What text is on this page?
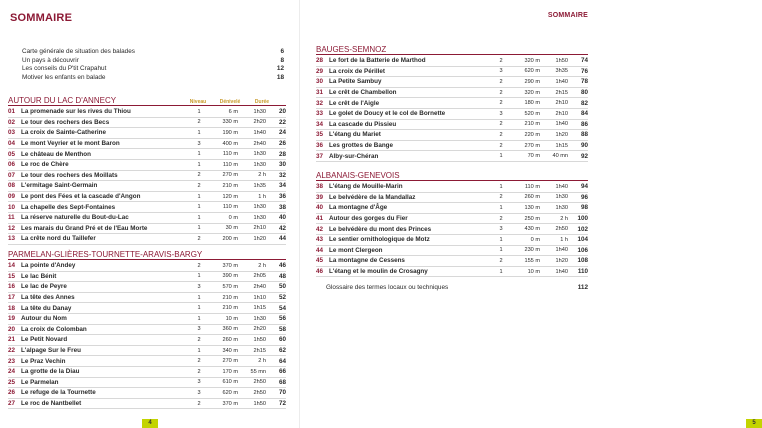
SOMMAIRE
Carte générale de situation des balades	6
Un pays à découvrir	8
Les conseils du P'tit Crapahut	12
Motiver les enfants en balade	18
AUTOUR DU LAC D'ANNECY	Niveau	Dénivelé	Durée
01 La promenade sur les rives du Thiou	1	6 m	1h30	20
02 Le tour des rochers des Becs	2	330 m	2h20	22
03 La croix de Sainte-Catherine	1	190 m	1h40	24
04 Le mont Veyrier et le mont Baron	3	400 m	2h40	26
05 Le château de Menthon	1	110 m	1h30	28
06 Le roc de Chère	1	110 m	1h30	30
07 Le tour des rochers des Moillats	2	270 m	2 h	32
08 L'ermitage Saint-Germain	2	210 m	1h35	34
09 Le pont des Fées et la cascade d'Angon	1	120 m	1 h	36
10 La chapelle des Sept-Fontaines	1	110 m	1h30	38
11	La réserve naturelle du Bout-du-Lac	1	0 m	1h30	40
12 Les marais du Grand Pré et de l'Eau Morte	1	30 m	2h10	42
13 La crête nord du Taillefer	2	200 m	1h20	44
PARMELAN-GLIÈRES-TOURNETTE-ARAVIS-BARGY
14 La pointe d'Andey	2	370 m	2 h	46
15 Le lac Bénit	1	390 m	2h05	48
16 Le lac de Peyre	3	570 m	2h40	50
17 La tête des Annes	1	210 m	1h10	52
18 La tête du Danay	1	210 m	1h15	54
19 Autour du Nom	1	10 m	1h30	56
20 La croix de Colomban	3	360 m	2h20	58
21 Le Petit Novard	2	260 m	1h50	60
22 L'alpage Sur le Freu	1	340 m	2h15	62
23 Le Praz Vechin	2	270 m	2 h	64
24 La grotte de la Diau	2	170 m	55 mn	66
25 Le Parmelan	3	610 m	2h50	68
26 Le refuge de la Tournette	3	620 m	2h50	70
27 Le roc de Nantbellet	2	370 m	1h50	72
4
SOMMAIRE
5
BAUGES-SEMNOZ
28 Le fort de la Batterie de Marthod	2	320 m	1h50	74
29 La croix de Périllet	3	620 m	3h35	76
30 La Petite Sambuy	2	290 m	1h40	78
31 Le crêt de Chambellon	2	320 m	2h15	80
32 Le crêt de l'Aigle	2	180 m	2h10	82
33 Le golet de Doucy et le col de Bornette	3	520 m	2h10	84
34 La cascade du Pissieu	2	210 m	1h40	86
35 L'étang du Mariet	2	220 m	1h20	88
36 Les grottes de Bange	2	270 m	1h15	90
37 Alby-sur-Chéran	1	70 m	40 mn	92
ALBANAIS-GENEVOIS
38 L'étang de Mouille-Marin	1	110 m	1h40	94
39 Le belvédère de la Mandallaz	2	260 m	1h30	96
40 La montagne d'Âge	1	130 m	1h30	98
41 Autour des gorges du Fier	2	250 m	2 h	100
42 Le belvédère du mont des Princes	3	430 m	2h50	102
43 Le sentier ornithologique de Motz	1	0 m	1 h	104
44 Le mont Clergeon	1	230 m	1h40	106
45 La montagne de Cessens	2	155 m	1h20	108
46 L'étang et le moulin de Crosagny	1	10 m	1h40	110
Glossaire des termes locaux ou techniques	112
